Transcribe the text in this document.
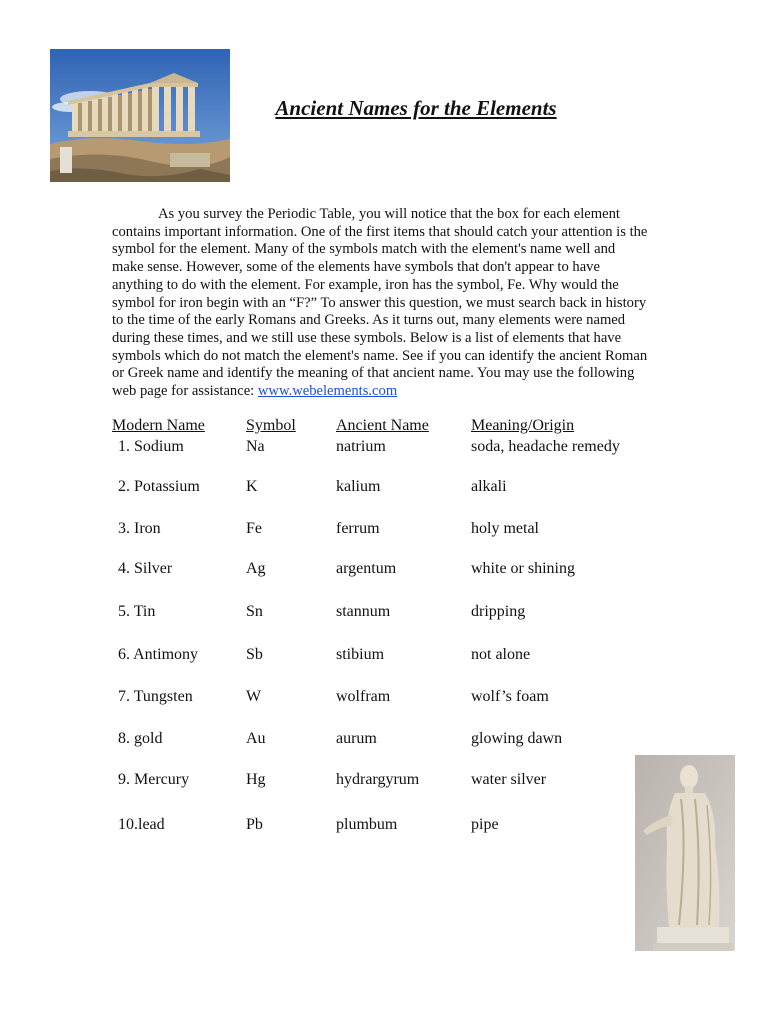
Ancient Names for the Elements
As you survey the Periodic Table, you will notice that the box for each element contains important information. One of the first items that should catch your attention is the symbol for the element. Many of the symbols match with the element's name well and make sense. However, some of the elements have symbols that don't appear to have anything to do with the element. For example, iron has the symbol, Fe. Why would the symbol for iron begin with an “F?” To answer this question, we must search back in history to the time of the early Romans and Greeks. As it turns out, many elements were named during these times, and we still use these symbols. Below is a list of elements that have symbols which do not match the element's name. See if you can identify the ancient Roman or Greek name and identify the meaning of that ancient name. You may use the following web page for assistance: www.webelements.com
Modern Name	Symbol	Ancient Name	Meaning/Origin
1. Sodium	Na	natrium	soda, headache remedy
2. Potassium	K	kalium	alkali
3. Iron	Fe	ferrum	holy metal
4. Silver	Ag	argentum	white or shining
5. Tin	Sn	stannum	dripping
6. Antimony	Sb	stibium	not alone
7. Tungsten	W	wolfram	wolf’s foam
8. gold	Au	aurum	glowing dawn
9. Mercury	Hg	hydrargyrum	water silver
10.lead	Pb	plumbum	pipe
